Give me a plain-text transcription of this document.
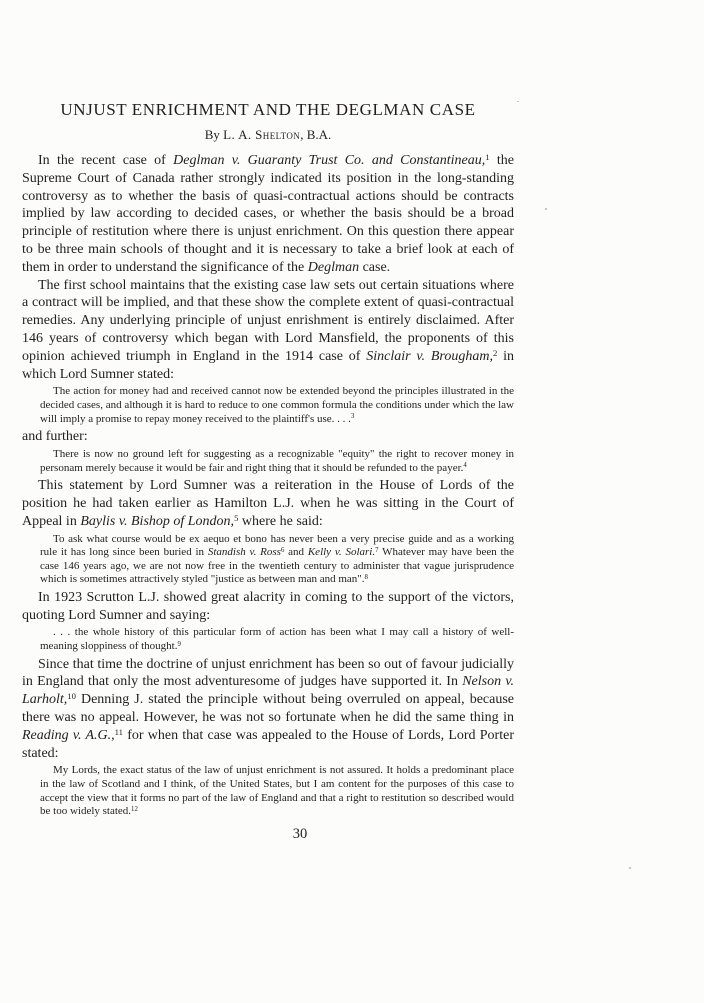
UNJUST ENRICHMENT AND THE DEGLMAN CASE
By L. A. Shelton, B.A.

In the recent case of Deglman v. Guaranty Trust Co. and Constantineau,$^1$ the Supreme Court of Canada rather strongly indicated its position in the long-standing controversy as to whether the basis of quasi-contractual actions should be contracts implied by law according to decided cases, or whether the basis should be a broad principle of restitution where there is unjust enrichment. On this question there appear to be three main schools of thought and it is necessary to take a brief look at each of them in order to understand the significance of the Deglman case.

The first school maintains that the existing case law sets out certain situations where a contract will be implied, and that these show the complete extent of quasi-contractual remedies. Any underlying principle of unjust enrishment is entirely disclaimed. After 146 years of controversy which began with Lord Mansfield, the proponents of this opinion achieved triumph in England in the 1914 case of Sinclair v. Brougham,$^2$ in which Lord Sumner stated:

The action for money had and received cannot now be extended beyond the principles illustrated in the decided cases, and although it is hard to reduce to one common formula the conditions under which the law will imply a promise to repay money received to the plaintiff's use. . . .$^3$

and further:

There is now no ground left for suggesting as a recognizable "equity" the right to recover money in personam merely because it would be fair and right thing that it should be refunded to the payer.$^4$

This statement by Lord Sumner was a reiteration in the House of Lords of the position he had taken earlier as Hamilton L.J. when he was sitting in the Court of Appeal in Baylis v. Bishop of London,$^5$ where he said:

To ask what course would be ex aequo et bono has never been a very precise guide and as a working rule it has long since been buried in Standish v. Ross$^6$ and Kelly v. Solari.$^7$ Whatever may have been the case 146 years ago, we are not now free in the twentieth century to administer that vague jurisprudence which is sometimes attractively styled "justice as between man and man".$^8$

In 1923 Scrutton L.J. showed great alacrity in coming to the support of the victors, quoting Lord Sumner and saying:

. . . the whole history of this particular form of action has been what I may call a history of well-meaning sloppiness of thought.$^9$

Since that time the doctrine of unjust enrichment has been so out of favour judicially in England that only the most adventuresome of judges have supported it. In Nelson v. Larholt,$^{10}$ Denning J. stated the principle without being overruled on appeal, because there was no appeal. However, he was not so fortunate when he did the same thing in Reading v. A.G.,$^{11}$ for when that case was appealed to the House of Lords, Lord Porter stated:

My Lords, the exact status of the law of unjust enrichment is not assured. It holds a predominant place in the law of Scotland and I think, of the United States, but I am content for the purposes of this case to accept the view that it forms no part of the law of England and that a right to restitution so described would be too widely stated.$^{12}$

30
